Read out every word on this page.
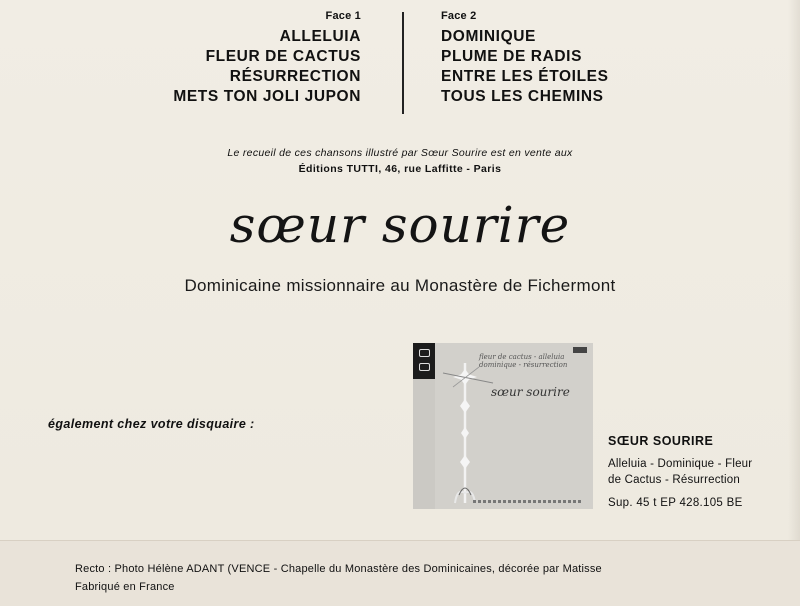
Face 1
ALLELUIA
FLEUR DE CACTUS
RÉSURRECTION
METS TON JOLI JUPON
Face 2
DOMINIQUE
PLUME DE RADIS
ENTRE LES ÉTOILES
TOUS LES CHEMINS
Le recueil de ces chansons illustré par Sœur Sourire est en vente aux
Éditions TUTTI, 46, rue Laffitte - Paris
sœur sourire
Dominicaine missionnaire au Monastère de Fichermont
également chez votre disquaire :
fleur de cactus - alleluia dominique - résurrection
sœur sourire
SŒUR SOURIRE
Alleluia - Dominique - Fleur
de Cactus - Résurrection
Sup. 45 t EP 428.105 BE
Recto : Photo Hélène ADANT (VENCE - Chapelle du Monastère des Dominicaines, décorée par Matisse
Fabriqué en France
